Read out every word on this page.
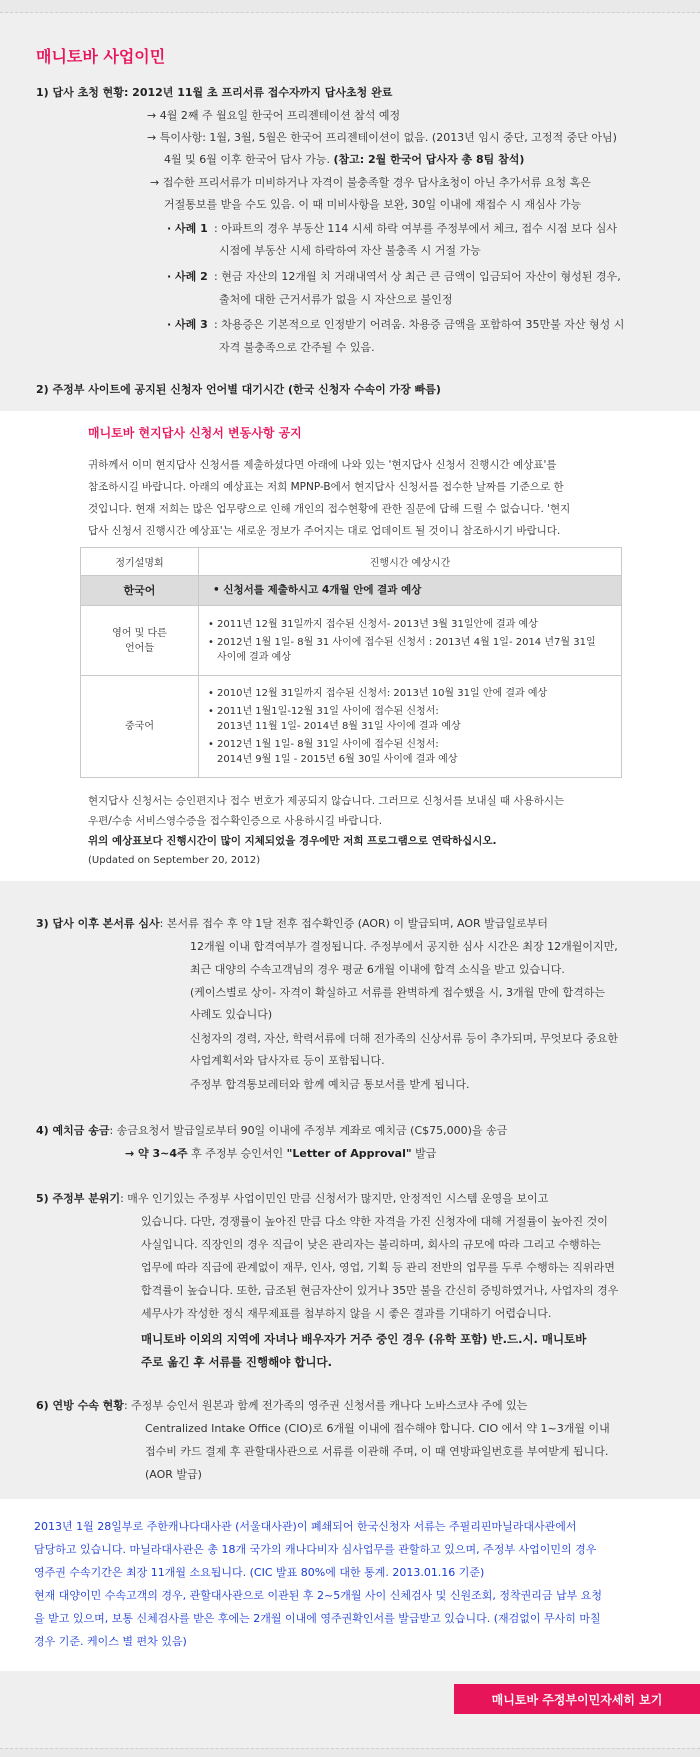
매니토바 사업이민
1) 답사 초청 현황: 2012년 11월 초 프리서류 접수자까지 답사초청 완료
→ 4월 2째 주 월요일 한국어 프리젠테이션 참석 예정
→ 특이사항: 1월, 3월, 5월은 한국어 프리젠테이션이 없음. (2013년 임시 중단, 고정적 중단 아님)
4월 및 6월 이후 한국어 답사 가능. (참고: 2월 한국어 답사자 총 8팀 참석)
→ 접수한 프리서류가 미비하거나 자격이 불충족할 경우 답사초청이 아닌 추가서류 요청 혹은
거절통보를 받을 수도 있음. 이 때 미비사항을 보완, 30일 이내에 재접수 시 재심사 가능
· 사례 1 : 아파트의 경우 부동산 114 시세 하락 여부를 주정부에서 체크, 접수 시점 보다 심사
시점에 부동산 시세 하락하여 자산 불충족 시 거절 가능
· 사례 2 : 현금 자산의 12개월 치 거래내역서 상 최근 큰 금액이 입금되어 자산이 형성된 경우,
출처에 대한 근거서류가 없을 시 자산으로 불인정
· 사례 3 : 차용증은 기본적으로 인정받기 어려움. 차용증 금액을 포함하여 35만불 자산 형성 시
자격 불충족으로 간주될 수 있음.
2) 주정부 사이트에 공지된 신청자 언어별 대기시간 (한국 신청자 수속이 가장 빠름)
매니토바 현지답사 신청서 변동사항 공지
귀하께서 이미 현지답사 신청서를 제출하셨다면 아래에 나와 있는 '현지답사 신청서 진행시간 예상표'를
참조하시길 바랍니다. 아래의 예상표는 저희 MPNP-B에서 현지답사 신청서를 접수한 날짜를 기준으로 한
것입니다. 현재 저희는 많은 업무량으로 인해 개인의 접수현황에 관한 질문에 답해 드릴 수 없습니다. '현지
답사 신청서 진행시간 예상표'는 새로운 정보가 주어지는 대로 업데이트 될 것이니 참조하시기 바랍니다.
정기설명회	진행시간 예상시간
한국어	• 신청서를 제출하시고 4개월 안에 결과 예상
영어 및 다른
언어들	• 2011년 12월 31일까지 접수된 신청서- 2013년 3월 31일안에 결과 예상
• 2012년 1월 1일- 8월 31 사이에 접수된 신청서 : 2013년 4월 1일- 2014 년7월 31일
사이에 결과 예상

중국어	• 2010년 12월 31일까지 접수된 신청서: 2013년 10월 31일 안에 결과 예상
• 2011년 1월1일-12월 31일 사이에 접수된 신청서:
2013년 11월 1일- 2014년 8월 31일 사이에 결과 예상
• 2012년 1월 1일- 8월 31일 사이에 접수된 신청서:
2014년 9월 1일 - 2015년 6월 30일 사이에 결과 예상
현지답사 신청서는 승인편지나 접수 번호가 제공되지 않습니다. 그러므로 신청서를 보내실 때 사용하시는
우편/수송 서비스영수증을 접수확인증으로 사용하시길 바랍니다.
위의 예상표보다 진행시간이 많이 지체되었을 경우에만 저희 프로그램으로 연락하십시오.
(Updated on September 20, 2012)
3) 답사 이후 본서류 심사: 본서류 접수 후 약 1달 전후 접수확인증 (AOR) 이 발급되며, AOR 발급일로부터
12개월 이내 합격여부가 결정됩니다. 주정부에서 공지한 심사 시간은 최장 12개월이지만,
최근 대양의 수속고객님의 경우 평균 6개월 이내에 합격 소식을 받고 있습니다.
(케이스별로 상이- 자격이 확실하고 서류를 완벽하게 접수했을 시, 3개월 만에 합격하는
사례도 있습니다)
신청자의 경력, 자산, 학력서류에 더해 전가족의 신상서류 등이 추가되며, 무엇보다 중요한
사업계획서와 답사자료 등이 포함됩니다.
주정부 합격통보레터와 함께 예치금 통보서를 받게 됩니다.
4) 예치금 송금: 송금요청서 발급일로부터 90일 이내에 주정부 계좌로 예치금 (C$75,000)을 송금
→ 약 3~4주 후 주정부 승인서인 "Letter of Approval" 발급
5) 주정부 분위기: 매우 인기있는 주정부 사업이민인 만큼 신청서가 많지만, 안정적인 시스템 운영을 보이고
있습니다. 다만, 경쟁률이 높아진 만큼 다소 약한 자격을 가진 신청자에 대해 거절률이 높아진 것이
사실입니다. 직장인의 경우 직급이 낮은 관리자는 불리하며, 회사의 규모에 따라 그리고 수행하는
업무에 따라 직급에 관계없이 재무, 인사, 영업, 기획 등 관리 전반의 업무를 두루 수행하는 직위라면
합격률이 높습니다. 또한, 급조된 현금자산이 있거나 35만 불을 간신히 증빙하였거나, 사업자의 경우
세무사가 작성한 정식 재무제표를 첨부하지 않을 시 좋은 결과를 기대하기 어렵습니다.
매니토바 이외의 지역에 자녀나 배우자가 거주 중인 경우 (유학 포함) 반.드.시. 매니토바
주로 옮긴 후 서류를 진행해야 합니다.
6) 연방 수속 현황: 주정부 승인서 원본과 함께 전가족의 영주권 신청서를 캐나다 노바스코샤 주에 있는
Centralized Intake Office (CIO)로 6개월 이내에 접수해야 합니다. CIO 에서 약 1~3개월 이내
접수비 카드 결제 후 관할대사관으로 서류를 이관해 주며, 이 때 연방파일번호를 부여받게 됩니다.
(AOR 발급)
2013년 1월 28일부로 주한캐나다대사관 (서울대사관)이 폐쇄되어 한국신청자 서류는 주필리핀마닐라대사관에서
담당하고 있습니다. 마닐라대사관은 총 18개 국가의 캐나다비자 심사업무를 관할하고 있으며, 주정부 사업이민의 경우
영주권 수속기간은 최장 11개월 소요됩니다. (CIC 발표 80%에 대한 통계. 2013.01.16 기준)
현재 대양이민 수속고객의 경우, 관할대사관으로 이관된 후 2~5개월 사이 신체검사 및 신원조회, 정착권리금 납부 요청
을 받고 있으며, 보통 신체검사를 받은 후에는 2개월 이내에 영주권확인서를 발급받고 있습니다. (재검없이 무사히 마칠
경우 기준. 케이스 별 편차 있음)
매니토바 주정부이민 자세히 보기
